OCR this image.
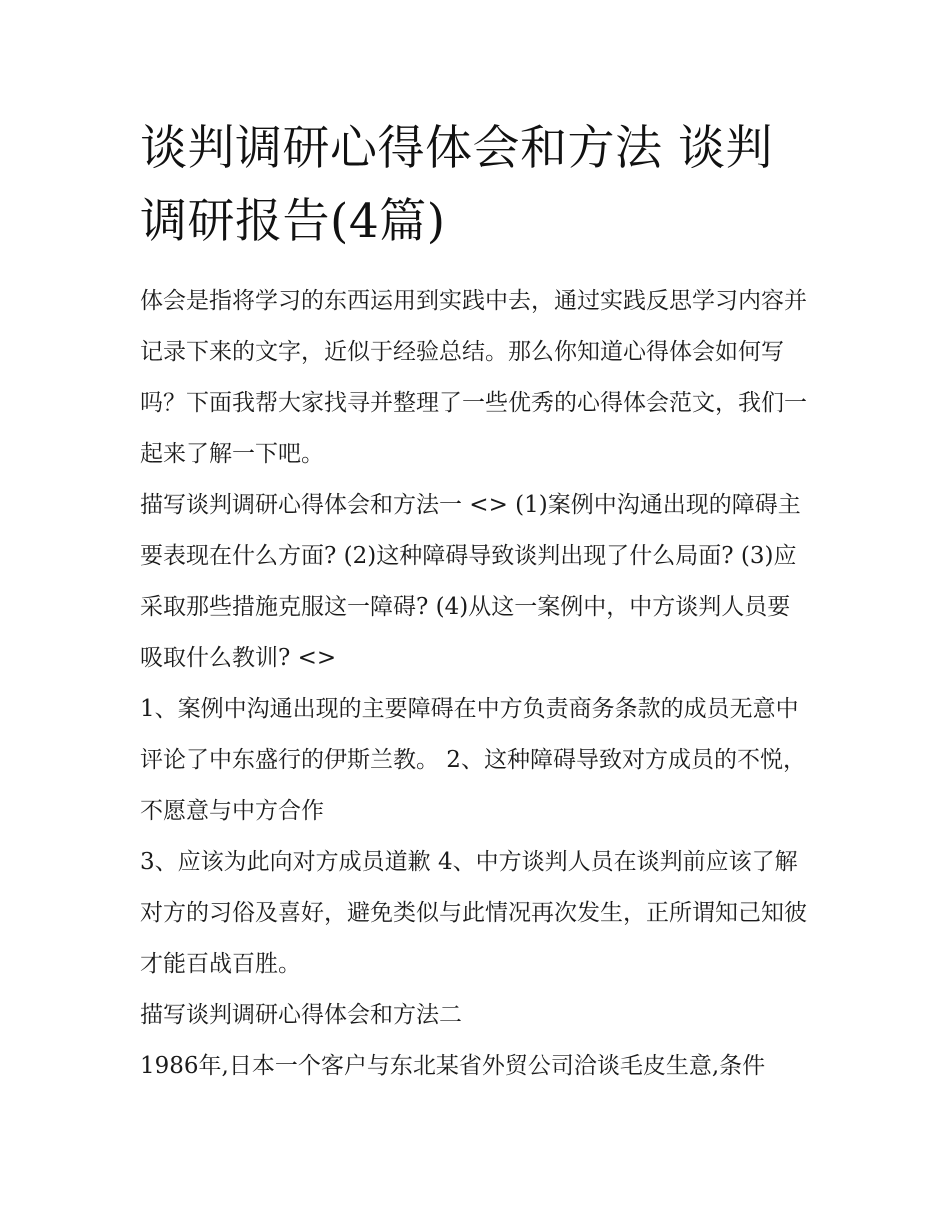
谈判调研心得体会和方法 谈判调研报告(4篇)

体会是指将学习的东西运用到实践中去，通过实践反思学习内容并记录下来的文字，近似于经验总结。那么你知道心得体会如何写吗？下面我帮大家找寻并整理了一些优秀的心得体会范文，我们一起来了解一下吧。

描写谈判调研心得体会和方法一 <> (1)案例中沟通出现的障碍主要表现在什么方面? (2)这种障碍导致谈判出现了什么局面? (3)应采取那些措施克服这一障碍? (4)从这一案例中，中方谈判人员要吸取什么教训? <>

1、案例中沟通出现的主要障碍在中方负责商务条款的成员无意中评论了中东盛行的伊斯兰教。 2、这种障碍导致对方成员的不悦，不愿意与中方合作

3、应该为此向对方成员道歉 4、中方谈判人员在谈判前应该了解对方的习俗及喜好，避免类似与此情况再次发生，正所谓知己知彼才能百战百胜。

描写谈判调研心得体会和方法二

1986年,日本一个客户与东北某省外贸公司洽谈毛皮生意,条件
